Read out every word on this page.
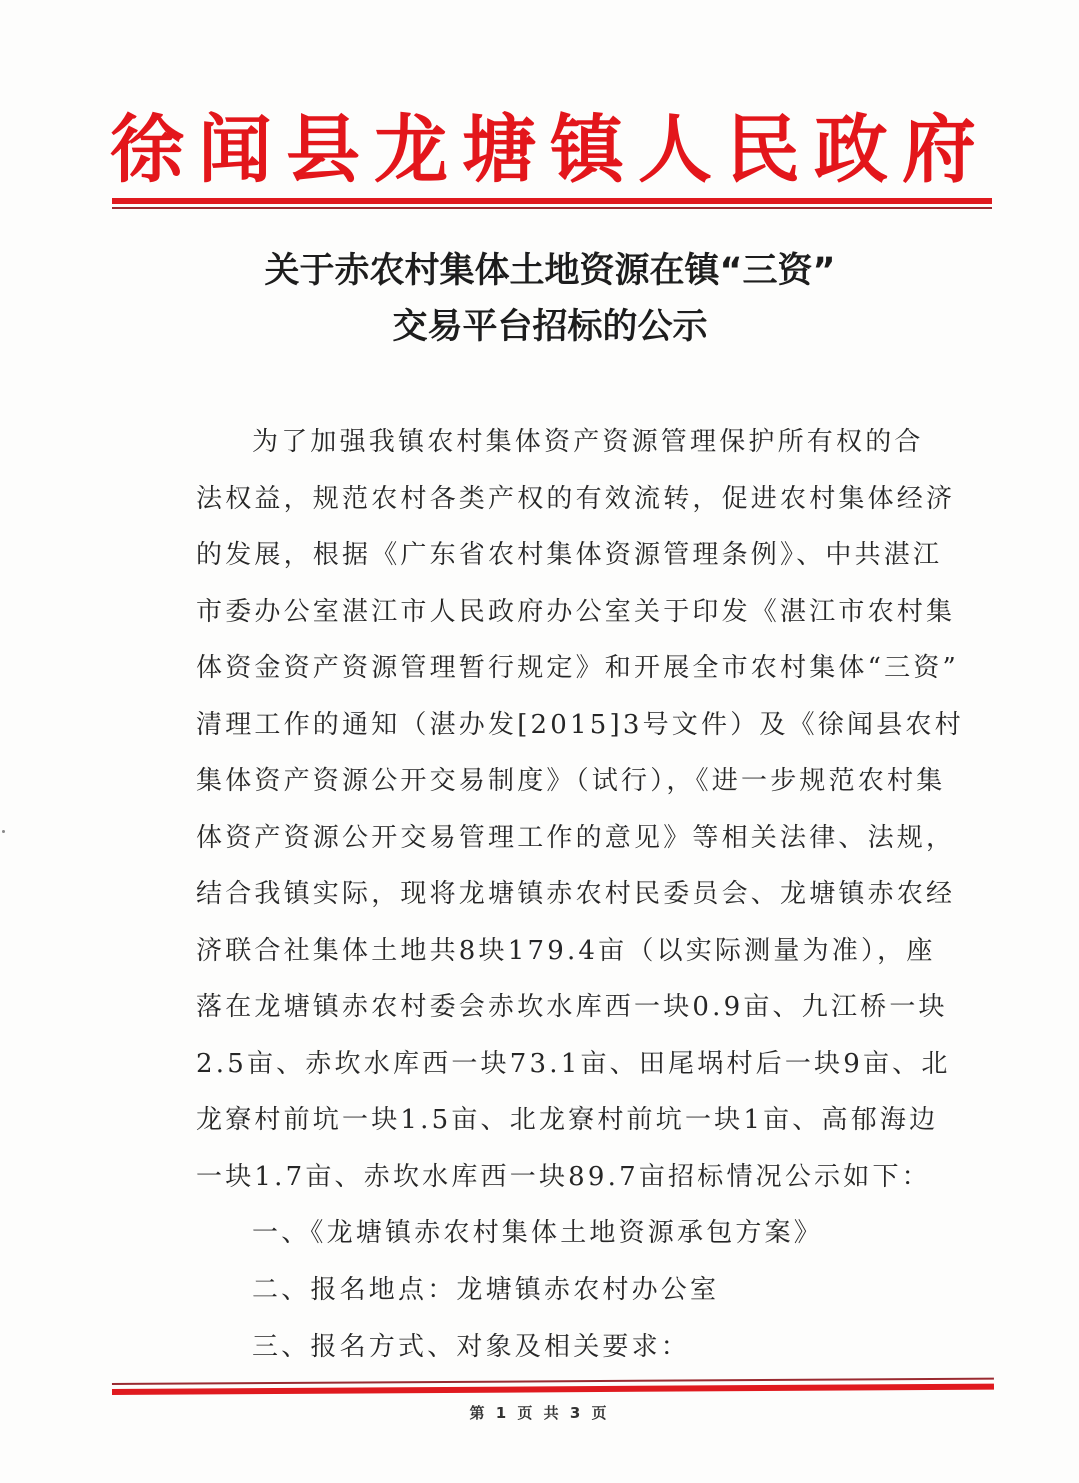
徐闻县龙塘镇人民政府
关于赤农村集体土地资源在镇“三资”
交易平台招标的公示
为了加强我镇农村集体资产资源管理保护所有权的合
法权益，规范农村各类产权的有效流转，促进农村集体经济
的发展，根据《广东省农村集体资源管理条例》、中共湛江
市委办公室湛江市人民政府办公室关于印发《湛江市农村集
体资金资产资源管理暂行规定》和开展全市农村集体“三资”
清理工作的通知（湛办发[2015]3号文件）及《徐闻县农村
集体资产资源公开交易制度》（试行），《进一步规范农村集
体资产资源公开交易管理工作的意见》等相关法律、法规，
结合我镇实际，现将龙塘镇赤农村民委员会、龙塘镇赤农经
济联合社集体土地共8块179.4亩（以实际测量为准），座
落在龙塘镇赤农村委会赤坎水库西一块0.9亩、九江桥一块
2.5亩、赤坎水库西一块73.1亩、田尾埚村后一块9亩、北
龙寮村前坑一块1.5亩、北龙寮村前坑一块1亩、高郁海边
一块1.7亩、赤坎水库西一块89.7亩招标情况公示如下：
一、《龙塘镇赤农村集体土地资源承包方案》
二、报名地点：龙塘镇赤农村办公室
三、报名方式、对象及相关要求：
第 1 页 共 3 页
